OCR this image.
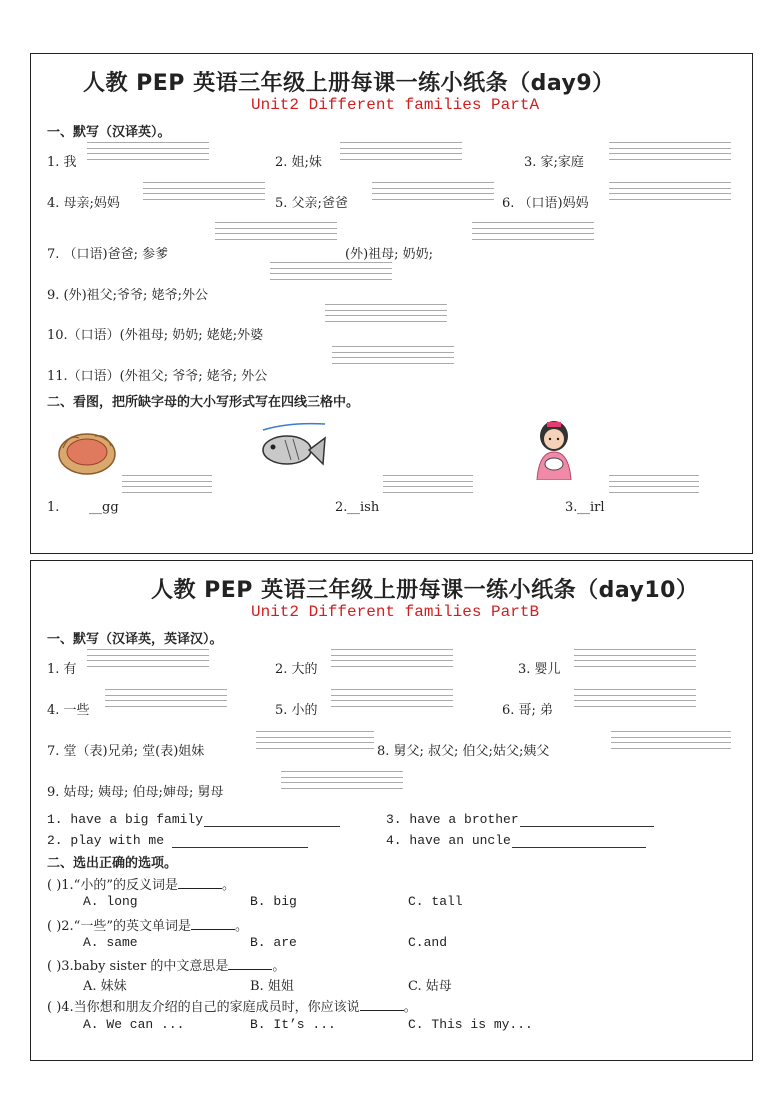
人教 PEP 英语三年级上册每课一练小纸条（day9）
Unit2 Different families PartA
一、默写（汉译英）。
1. 我	2. 姐;妹	3. 家;家庭
4. 母亲;妈妈	5. 父亲;爸爸	6. （口语)妈妈
7. （口语)爸爸; 参爹	(外)祖母; 奶奶;
9. (外)祖父;爷爷; 姥爷;外公
10.（口语）(外祖母; 奶奶; 姥姥;外婆
11.（口语）(外祖父; 爷爷; 姥爷; 外公
二、看图，把所缺字母的大小写形式写在四线三格中。
1. __gg	2. __ish	3. __irl
人教 PEP 英语三年级上册每课一练小纸条（day10）
Unit2 Different families PartB
一、默写（汉译英，英译汉）。
1. 有	2. 大的	3. 婴儿
4. 一些	5. 小的	6. 哥; 弟
7. 堂（表)兄弟; 堂(表)姐妹	8. 舅父; 叔父; 伯父;姑父;姨父
9. 姑母; 姨母; 伯母;婶母; 舅母
1. have a big family	3. have a brother
2. play with me	4. have an uncle
二、选出正确的选项。
( )1.“小的”的反义词是	。
A. long	B. big	C. tall
( )2.“一些”的英文单词是	。
A. same	B. are	C.and
( )3.baby sister 的中文意思是	。
A. 妹妹	B. 姐姐	C. 姑母
( )4.当你想和朋友介绍的自己的家庭成员时，你应该说	。
A. We can ...	B. It’s ...	C. This is my...
